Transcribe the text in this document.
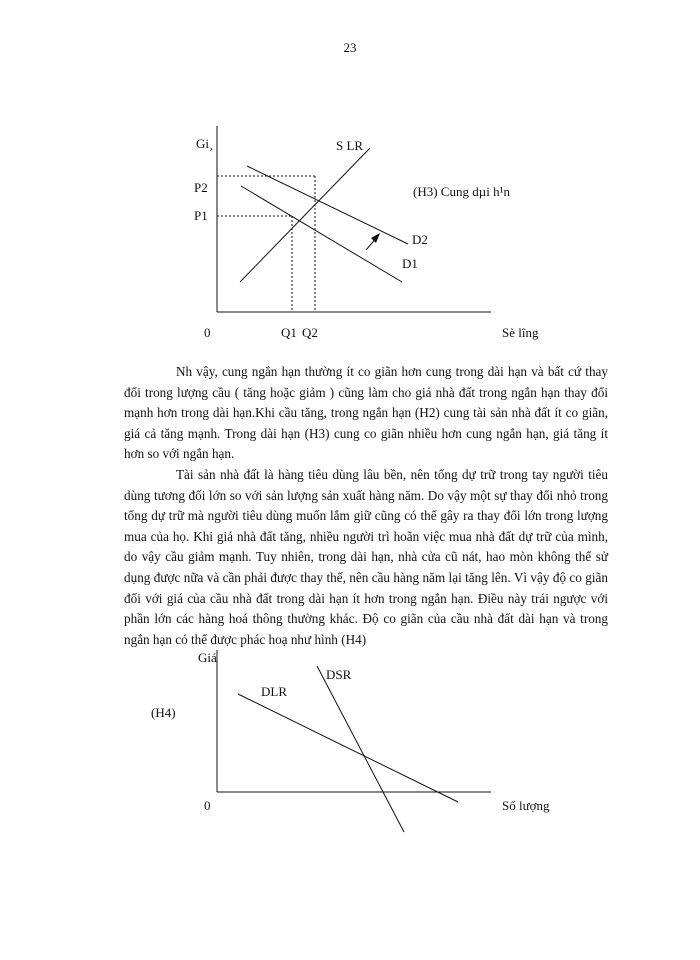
23
Gi¸
0	Sè lîng
P2
P1
Q1 Q2
S LR
D2
D1
(H3) Cung dµi h¹n
Giá
0	Số lượng
DLR
DSR
(H4)

Nh vậy, cung ngắn hạn thường ít co giãn hơn cung trong dài hạn và bất cứ thay đổi trong lượng cầu ( tăng hoặc giảm ) cũng làm cho giá nhà đất trong ngắn hạn thay đổi mạnh hơn trong dài hạn.Khi cầu tăng, trong ngắn hạn (H2) cung tài sản nhà đất ít co giãn, giá cả tăng mạnh. Trong dài hạn (H3) cung co giãn nhiều hơn cung ngắn hạn, giá tăng ít hơn so với ngắn hạn.

Tài sản nhà đất là hàng tiêu dùng lâu bền, nên tổng dự trữ trong tay người tiêu dùng tương đối lớn so với sản lượng sản xuất hàng năm. Do vậy một sự thay đổi nhỏ trong tổng dự trữ mà người tiêu dùng muốn lắm giữ cũng có thể gây ra thay đổi lớn trong lượng mua của họ. Khi giá nhà đất tăng, nhiều người trì hoãn việc mua nhà đất dự trữ của mình, do vậy cầu giảm mạnh. Tuy nhiên, trong dài hạn, nhà cửa cũ nát, hao mòn không thể sử dụng được nữa và cần phải được thay thế, nên cầu hàng năm lại tăng lên. Vì vậy độ co giãn đối với giá của cầu nhà đất trong dài hạn ít hơn trong ngắn hạn. Điều này trái ngược với phần lớn các hàng hoá thông thường khác. Độ co giãn của cầu nhà đất dài hạn và trong ngắn hạn có thể được phác hoạ như hình (H4)
